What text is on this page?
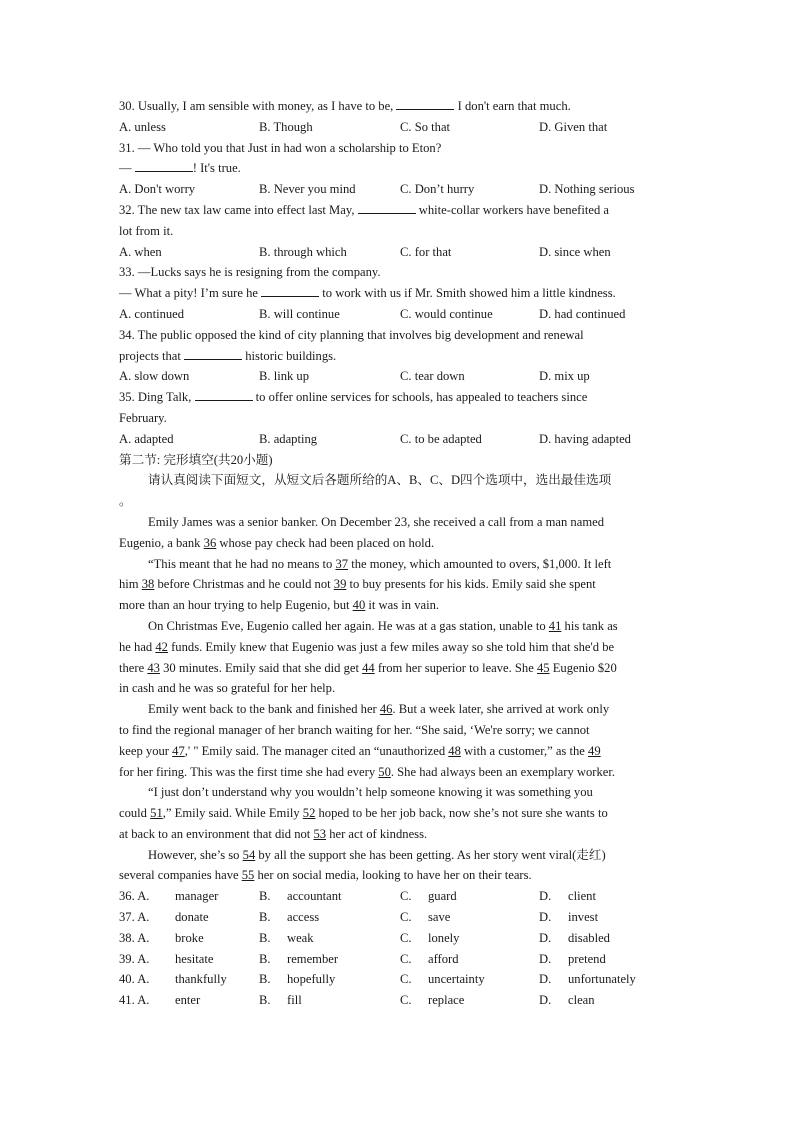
30. Usually, I am sensible with money, as I have to be,	I don't earn that much.
A. unless	B. Though	C. So that	D. Given that
31. — Who told you that Just in had won a scholarship to Eton?
—	! It's true.
A. Don't worry	B. Never you mind	C. Don’t hurry	D. Nothing serious
32. The new tax law came into effect last May,	white-collar workers have benefited a
lot from it.
A. when	B. through which	C. for that	D. since when
33. —Lucks says he is resigning from the company.
— What a pity! I’m sure he	to work with us if Mr. Smith showed him a little kindness.
A. continued	B. will continue	C. would continue	D. had continued
34. The public opposed the kind of city planning that involves big development and renewal
projects that	historic buildings.
A. slow down	B. link up	C. tear down	D. mix up
35. Ding Talk,	to offer online services for schools, has appealed to teachers since
February.
A. adapted	B. adapting	C. to be adapted	D. having adapted
第二节: 完形填空(共20小题)
请认真阅读下面短文，从短文后各题所给的A、B、C、D四个选项中，选出最佳选项
。
Emily James was a senior banker. On December 23, she received a call from a man named
Eugenio, a bank 36 whose pay check had been placed on hold.
“This meant that he had no means to 37 the money, which amounted to overs, $1,000. It left
him 38 before Christmas and he could not 39 to buy presents for his kids. Emily said she spent
more than an hour trying to help Eugenio, but 40 it was in vain.
On Christmas Eve, Eugenio called her again. He was at a gas station, unable to 41 his tank as
he had 42 funds. Emily knew that Eugenio was just a few miles away so she told him that she'd be
there 43 30 minutes. Emily said that she did get 44 from her superior to leave. She 45 Eugenio $20
in cash and he was so grateful for her help.
Emily went back to the bank and finished her 46. But a week later, she arrived at work only
to find the regional manager of her branch waiting for her. “She said, ‘We're sorry; we cannot
keep your 47,' " Emily said. The manager cited an “unauthorized 48 with a customer,” as the 49
for her firing. This was the first time she had every 50. She had always been an exemplary worker.
“I just don’t understand why you wouldn’t help someone knowing it was something you
could 51,” Emily said. While Emily 52 hoped to be her job back, now she’s not sure she wants to
at back to an environment that did not 53 her act of kindness.
However, she’s so 54 by all the support she has been getting. As her story went viral(走红)
several companies have 55 her on social media, looking to have her on their tears.
36. A. manager	B. accountant	C. guard	D. client
37. A. donate	B. access	C. save	D. invest
38. A. broke	B. weak	C. lonely	D. disabled
39. A. hesitate	B. remember	C. afford	D. pretend
40. A. thankfully	B. hopefully	C. uncertainty	D. unfortunately
41. A. enter	B. fill	C. replace	D. clean
